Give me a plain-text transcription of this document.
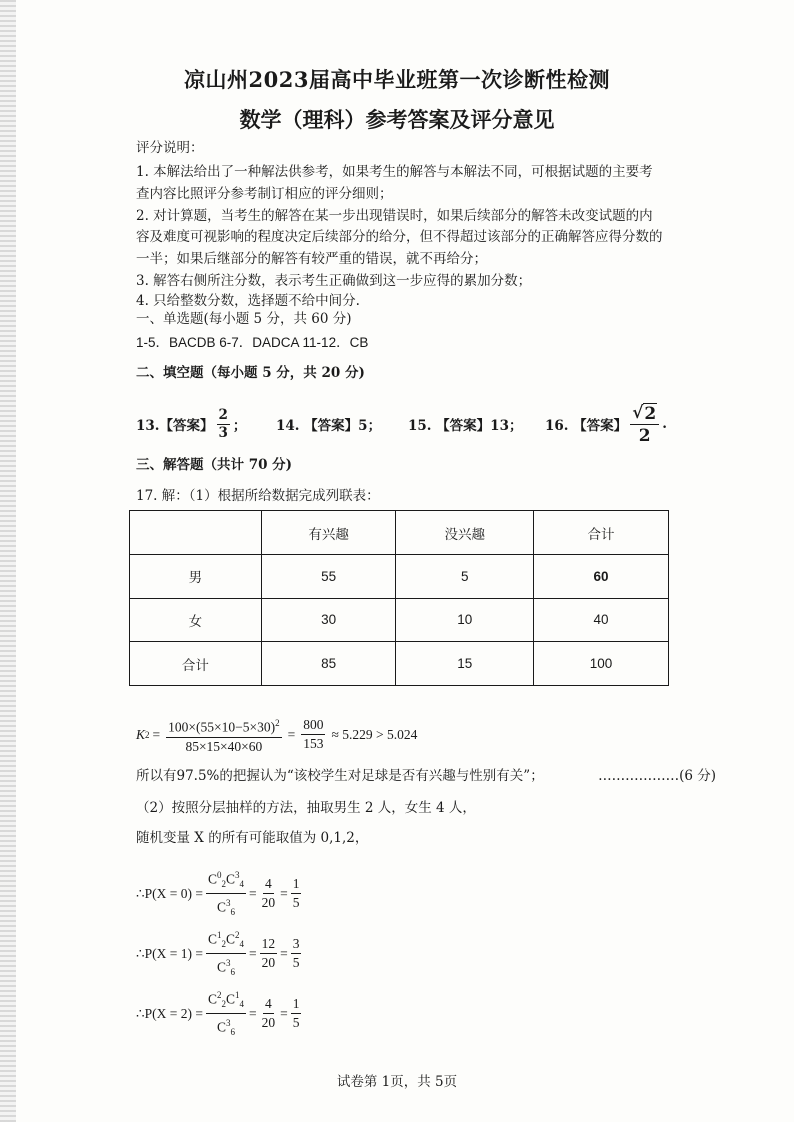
凉山州2023届高中毕业班第一次诊断性检测
数学（理科）参考答案及评分意见
评分说明：
1. 本解法给出了一种解法供参考，如果考生的解答与本解法不同，可根据试题的主要考
查内容比照评分参考制订相应的评分细则；
2. 对计算题，当考生的解答在某一步出现错误时，如果后续部分的解答未改变试题的内
容及难度可视影响的程度决定后续部分的给分，但不得超过该部分的正确解答应得分数的
一半；如果后继部分的解答有较严重的错误，就不再给分；
3. 解答右侧所注分数，表示考生正确做到这一步应得的累加分数；
4. 只给整数分数，选择题不给中间分.
一、单选题(每小题 5 分，共 60 分)
1-5．BACDB 6-7．DADCA 11-12．CB
二、填空题（每小题 5 分，共 20 分)
13.【答案】 $\frac{2}{3}$ ； 14. 【答案】5； 15. 【答案】13； 16. 【答案】 $\frac{√ 2}{2}$ .
三、解答题（共计 70 分)
17. 解：（1）根据所给数据完成列联表：
	有兴趣	没兴趣	合计
男	55	5	60
女	30	10	40
合计	85	15	100
K $2 = \frac{100\times(55\times 10-5\times 30)^2}{85\times 15\times 40\times 60} = \frac{800}{153} \approx 5.229 > 5.024$
所以有97.5%的把握认为“该校学生对足球是否有兴趣与性别有关”；	………………(6 分)
（2）按照分层抽样的方法，抽取男生 2 人，女生 4 人，
随机变量 X 的所有可能取值为 0,1,2，
∴P(X = $0) = \frac{C^0_2C^3_4}{C^3_6} = \frac{4}{20} = \frac{1}{5}$
∴P(X = $1) = \frac{C^1_2C^2_4}{C^3_6} = \frac{12}{20} = \frac{3}{5}$
∴P(X = $2) = \frac{C^2_2C^1_4}{C^3_6} = \frac{4}{20} = \frac{1}{5}$
试卷第 1页，共 5页
